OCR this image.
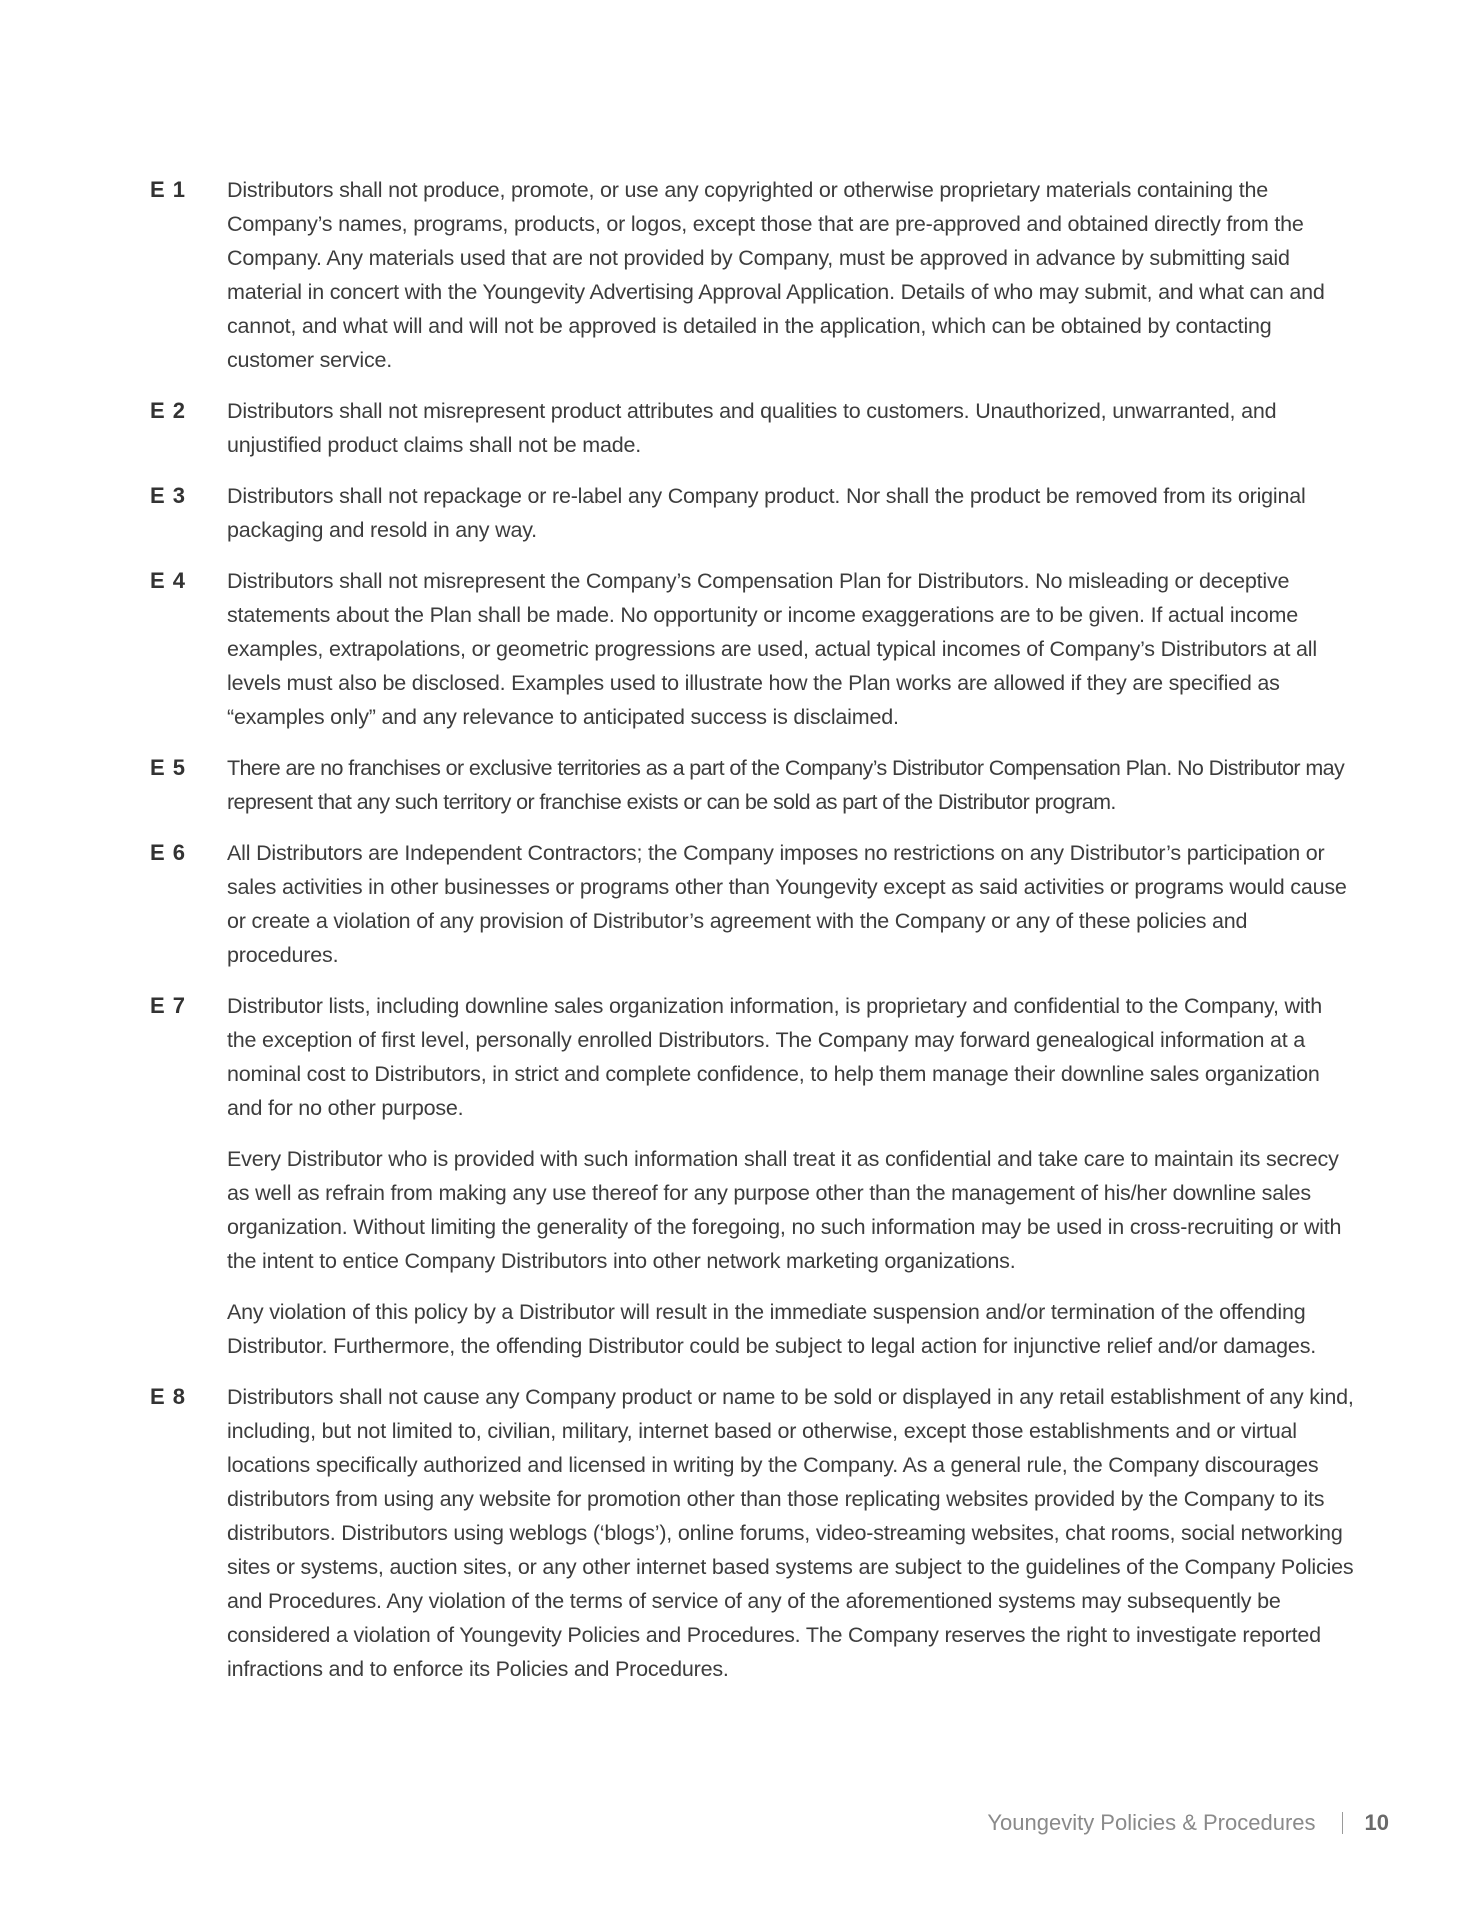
E 1	Distributors shall not produce, promote, or use any copyrighted or otherwise proprietary materials containing the Company’s names, programs, products, or logos, except those that are pre-approved and obtained directly from the Company. Any materials used that are not provided by Company, must be approved in advance by submitting said material in concert with the Youngevity Advertising Approval Application. Details of who may submit, and what can and cannot, and what will and will not be approved is detailed in the application, which can be obtained by contacting customer service.

E 2	Distributors shall not misrepresent product attributes and qualities to customers. Unauthorized, unwarranted, and unjustified product claims shall not be made.

E 3	Distributors shall not repackage or re-label any Company product. Nor shall the product be removed from its original packaging and resold in any way.

E 4	Distributors shall not misrepresent the Company’s Compensation Plan for Distributors. No misleading or deceptive statements about the Plan shall be made. No opportunity or income exaggerations are to be given. If actual income examples, extrapolations, or geometric progressions are used, actual typical incomes of Company’s Distributors at all levels must also be disclosed. Examples used to illustrate how the Plan works are allowed if they are specified as “examples only” and any relevance to anticipated success is disclaimed.

E 5	There are no franchises or exclusive territories as a part of the Company’s Distributor Compensation Plan. No Distributor may represent that any such territory or franchise exists or can be sold as part of the Distributor program.

E 6	All Distributors are Independent Contractors; the Company imposes no restrictions on any Distributor’s participation or sales activities in other businesses or programs other than Youngevity except as said activities or programs would cause or create a violation of any provision of Distributor’s agreement with the Company or any of these policies and procedures.

E 7	Distributor lists, including downline sales organization information, is proprietary and confidential to the Company, with the exception of first level, personally enrolled Distributors. The Company may forward genealogical information at a nominal cost to Distributors, in strict and complete confidence, to help them manage their downline sales organization and for no other purpose.

Every Distributor who is provided with such information shall treat it as confidential and take care to maintain its secrecy as well as refrain from making any use thereof for any purpose other than the management of his/her downline sales organization. Without limiting the generality of the foregoing, no such information may be used in cross-recruiting or with the intent to entice Company Distributors into other network marketing organizations.

Any violation of this policy by a Distributor will result in the immediate suspension and/or termination of the offending Distributor. Furthermore, the offending Distributor could be subject to legal action for injunctive relief and/or damages.

E 8	Distributors shall not cause any Company product or name to be sold or displayed in any retail establishment of any kind, including, but not limited to, civilian, military, internet based or otherwise, except those establishments and or virtual locations specifically authorized and licensed in writing by the Company. As a general rule, the Company discourages distributors from using any website for promotion other than those replicating websites provided by the Company to its distributors. Distributors using weblogs (‘blogs’), online forums, video-streaming websites, chat rooms, social networking sites or systems, auction sites, or any other internet based systems are subject to the guidelines of the Company Policies and Procedures. Any violation of the terms of service of any of the aforementioned systems may subsequently be considered a violation of Youngevity Policies and Procedures. The Company reserves the right to investigate reported infractions and to enforce its Policies and Procedures.

Youngevity Policies & Procedures 10
